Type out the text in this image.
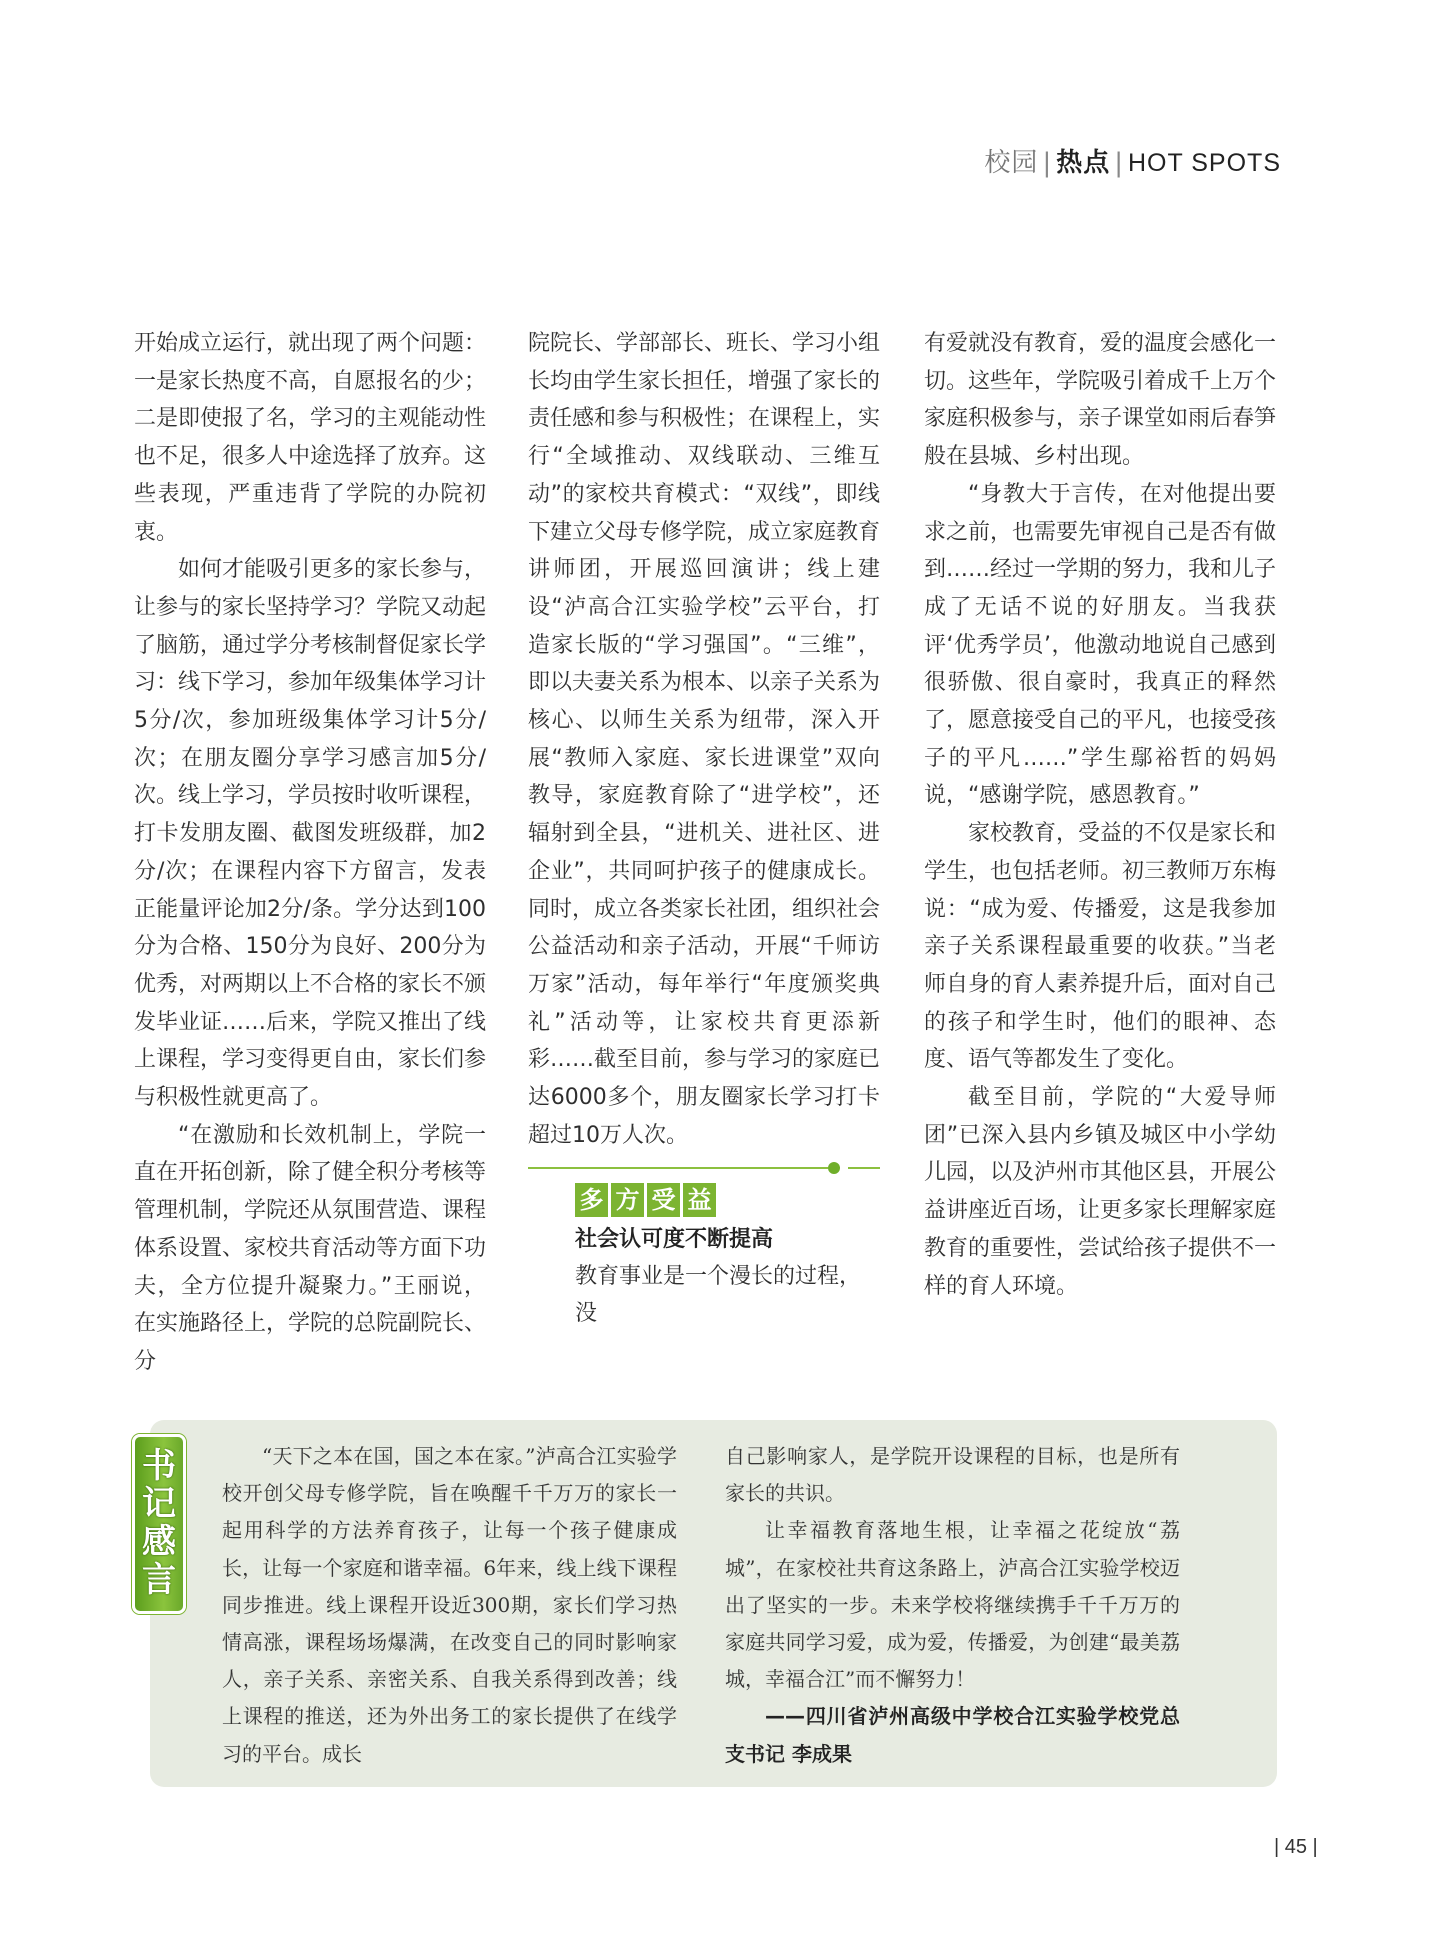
校园 | 热点 | HOT SPOTS

开始成立运行，就出现了两个问题：一是家长热度不高，自愿报名的少；二是即使报了名，学习的主观能动性也不足，很多人中途选择了放弃。这些表现，严重违背了学院的办院初衷。

如何才能吸引更多的家长参与，让参与的家长坚持学习？学院又动起了脑筋，通过学分考核制督促家长学习：线下学习，参加年级集体学习计5分/次，参加班级集体学习计5分/次；在朋友圈分享学习感言加5分/次。线上学习，学员按时收听课程，打卡发朋友圈、截图发班级群，加2分/次；在课程内容下方留言，发表正能量评论加2分/条。学分达到100分为合格、150分为良好、200分为优秀，对两期以上不合格的家长不颁发毕业证……后来，学院又推出了线上课程，学习变得更自由，家长们参与积极性就更高了。

“在激励和长效机制上，学院一直在开拓创新，除了健全积分考核等管理机制，学院还从氛围营造、课程体系设置、家校共育活动等方面下功夫，全方位提升凝聚力。”王丽说，在实施路径上，学院的总院副院长、分

院院长、学部部长、班长、学习小组长均由学生家长担任，增强了家长的责任感和参与积极性；在课程上，实行“全域推动、双线联动、三维互动”的家校共育模式：“双线”，即线下建立父母专修学院，成立家庭教育讲师团，开展巡回演讲；线上建设“泸高合江实验学校”云平台，打造家长版的“学习强国”。“三维”，即以夫妻关系为根本、以亲子关系为核心、以师生关系为纽带，深入开展“教师入家庭、家长进课堂”双向教导，家庭教育除了“进学校”，还辐射到全县，“进机关、进社区、进企业”，共同呵护孩子的健康成长。同时，成立各类家长社团，组织社会公益活动和亲子活动，开展“千师访万家”活动，每年举行“年度颁奖典礼”活动等，让家校共育更添新彩……截至目前，参与学习的家庭已达6000多个，朋友圈家长学习打卡超过10万人次。

有爱就没有教育，爱的温度会感化一切。这些年，学院吸引着成千上万个家庭积极参与，亲子课堂如雨后春笋般在县城、乡村出现。

“身教大于言传，在对他提出要求之前，也需要先审视自己是否有做到……经过一学期的努力，我和儿子成了无话不说的好朋友。当我获评‘优秀学员’，他激动地说自己感到很骄傲、很自豪时，我真正的释然了，愿意接受自己的平凡，也接受孩子的平凡……”学生鄢裕哲的妈妈说，“感谢学院，感恩教育。”

家校教育，受益的不仅是家长和学生，也包括老师。初三教师万东梅说：“成为爱、传播爱，这是我参加亲子关系课程最重要的收获。”当老师自身的育人素养提升后，面对自己的孩子和学生时，他们的眼神、态度、语气等都发生了变化。

截至目前，学院的“大爱导师团”已深入县内乡镇及城区中小学幼儿园，以及泸州市其他区县，开展公益讲座近百场，让更多家长理解家庭教育的重要性，尝试给孩子提供不一样的育人环境。

多 方 受 益
社会认可度不断提高
教育事业是一个漫长的过程，没
书
记
感
言

“天下之本在国，国之本在家。”泸高合江实验学校开创父母专修学院，旨在唤醒千千万万的家长一起用科学的方法养育孩子，让每一个孩子健康成长，让每一个家庭和谐幸福。6年来，线上线下课程同步推进。线上课程开设近300期，家长们学习热情高涨，课程场场爆满，在改变自己的同时影响家人，亲子关系、亲密关系、自我关系得到改善；线上课程的推送，还为外出务工的家长提供了在线学习的平台。成长

自己影响家人，是学院开设课程的目标，也是所有家长的共识。

让幸福教育落地生根，让幸福之花绽放“荔城”，在家校社共育这条路上，泸高合江实验学校迈出了坚实的一步。未来学校将继续携手千千万万的家庭共同学习爱，成为爱，传播爱，为创建“最美荔城，幸福合江”而不懈努力！

——四川省泸州高级中学校合江实验学校党总支书记 李成果

| 45 |
